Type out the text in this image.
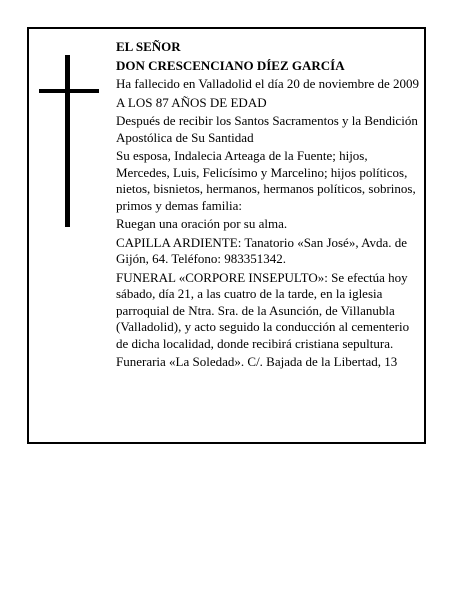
EL SEÑOR

DON CRESCENCIANO DÍEZ GARCÍA

Ha fallecido en Valladolid el día 20 de noviembre de 2009

A LOS 87 AÑOS DE EDAD

Después de recibir los Santos Sacramentos y la Bendición Apostólica de Su Santidad

Su esposa, Indalecia Arteaga de la Fuente; hijos, Mercedes, Luis, Felicísimo y Marcelino; hijos políticos, nietos, bisnietos, hermanos, hermanos políticos, sobrinos, primos y demas familia:

Ruegan una oración por su alma.

CAPILLA ARDIENTE: Tanatorio «San José», Avda. de Gijón, 64. Teléfono: 983351342.

FUNERAL «CORPORE INSEPULTO»: Se efectúa hoy sábado, día 21, a las cuatro de la tarde, en la iglesia parroquial de Ntra. Sra. de la Asunción, de Villanubla (Valladolid), y acto seguido la conducción al cementerio de dicha localidad, donde recibirá cristiana sepultura.

Funeraria «La Soledad». C/. Bajada de la Libertad, 13
